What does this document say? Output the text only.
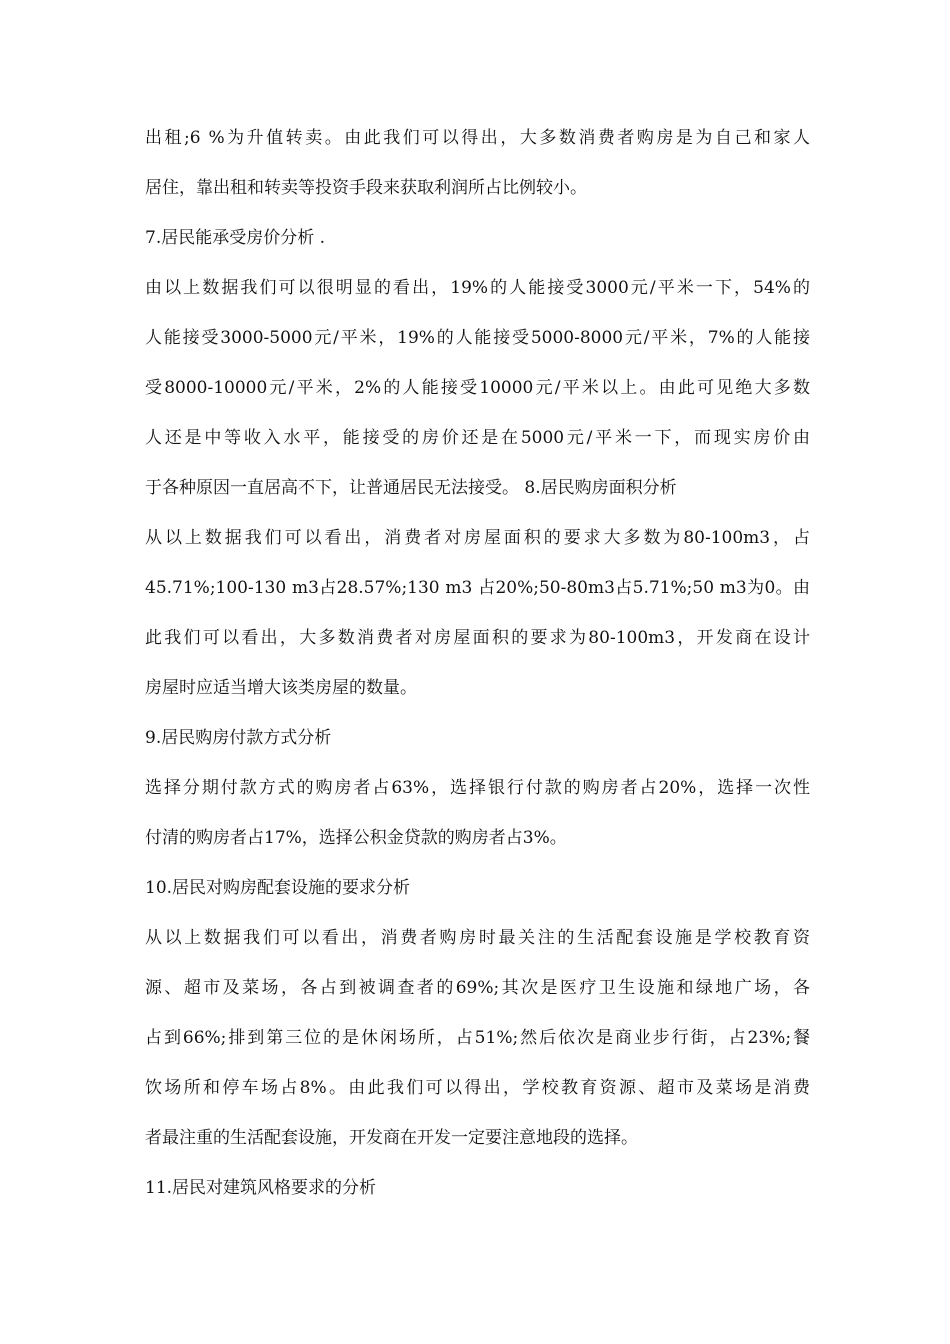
出租;6 %为升值转卖。由此我们可以得出，大多数消费者购房是为自己和家人
居住，靠出租和转卖等投资手段来获取利润所占比例较小。
7.居民能承受房价分析 .
由以上数据我们可以很明显的看出，19%的人能接受3000元/平米一下，54%的
人能接受3000-5000元/平米，19%的人能接受5000-8000元/平米，7%的人能接
受8000-10000元/平米，2%的人能接受10000元/平米以上。由此可见绝大多数
人还是中等收入水平，能接受的房价还是在5000元/平米一下，而现实房价由
于各种原因一直居高不下，让普通居民无法接受。 8.居民购房面积分析
从以上数据我们可以看出，消费者对房屋面积的要求大多数为80-100m3，占
45.71%;100-130 m3占28.57%;130 m3 占20%;50-80m3占5.71%;50 m3为0。由
此我们可以看出，大多数消费者对房屋面积的要求为80-100m3，开发商在设计
房屋时应适当增大该类房屋的数量。
9.居民购房付款方式分析
选择分期付款方式的购房者占63%，选择银行付款的购房者占20%，选择一次性
付清的购房者占17%，选择公积金贷款的购房者占3%。
10.居民对购房配套设施的要求分析
从以上数据我们可以看出，消费者购房时最关注的生活配套设施是学校教育资
源、超市及菜场，各占到被调查者的69%;其次是医疗卫生设施和绿地广场，各
占到66%;排到第三位的是休闲场所，占51%;然后依次是商业步行街，占23%;餐
饮场所和停车场占8%。由此我们可以得出，学校教育资源、超市及菜场是消费
者最注重的生活配套设施，开发商在开发一定要注意地段的选择。
11.居民对建筑风格要求的分析
